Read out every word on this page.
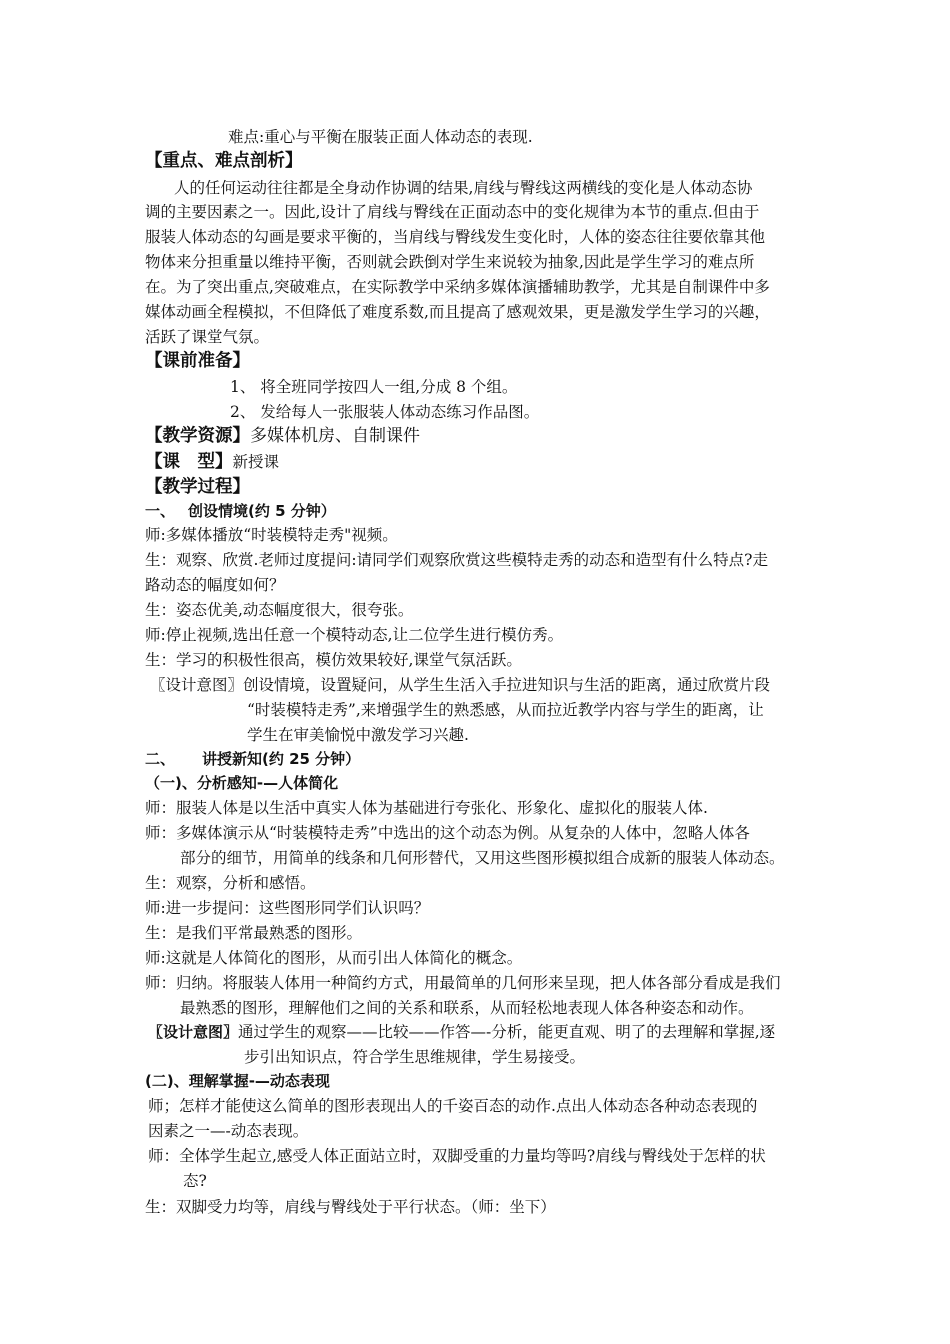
难点:重心与平衡在服装正面人体动态的表现.
【重点、难点剖析】
人的任何运动往往都是全身动作协调的结果,肩线与臀线这两横线的变化是人体动态协
调的主要因素之一。因此,设计了肩线与臀线在正面动态中的变化规律为本节的重点.但由于
服装人体动态的勾画是要求平衡的，当肩线与臀线发生变化时，人体的姿态往往要依靠其他
物体来分担重量以维持平衡，否则就会跌倒对学生来说较为抽象,因此是学生学习的难点所
在。为了突出重点,突破难点，在实际教学中采纳多媒体演播辅助教学，尤其是自制课件中多
媒体动画全程模拟，不但降低了难度系数,而且提高了感观效果，更是激发学生学习的兴趣，
活跃了课堂气氛。
【课前准备】
1、 将全班同学按四人一组,分成 8 个组。
2、 发给每人一张服装人体动态练习作品图。
【教学资源】多媒体机房、自制课件
【课　型】新授课
【教学过程】
一、 创设情境(约 5 分钟）
师:多媒体播放“时装模特走秀"视频。
生：观察、欣赏.老师过度提问:请同学们观察欣赏这些模特走秀的动态和造型有什么特点?走
路动态的幅度如何？
生：姿态优美,动态幅度很大，很夸张。
师:停止视频,选出任意一个模特动态,让二位学生进行模仿秀。
生：学习的积极性很高，模仿效果较好,课堂气氛活跃。
〖设计意图〗创设情境，设置疑问，从学生生活入手拉进知识与生活的距离，通过欣赏片段
“时装模特走秀”,来增强学生的熟悉感，从而拉近教学内容与学生的距离，让
学生在审美愉悦中激发学习兴趣.
二、 讲授新知(约 25 分钟）
（一)、分析感知-—人体简化
师：服装人体是以生活中真实人体为基础进行夸张化、形象化、虚拟化的服装人体.
师：多媒体演示从“时装模特走秀”中选出的这个动态为例。从复杂的人体中，忽略人体各
部分的细节，用简单的线条和几何形替代，又用这些图形模拟组合成新的服装人体动态。
生：观察，分析和感悟。
师:进一步提问：这些图形同学们认识吗？
生：是我们平常最熟悉的图形。
师:这就是人体简化的图形，从而引出人体简化的概念。
师：归纳。将服装人体用一种简约方式，用最简单的几何形来呈现，把人体各部分看成是我们
最熟悉的图形，理解他们之间的关系和联系，从而轻松地表现人体各种姿态和动作。
〖设计意图〗通过学生的观察——比较——作答—-分析，能更直观、明了的去理解和掌握,逐
步引出知识点，符合学生思维规律，学生易接受。
(二)、理解掌握-—动态表现
师；怎样才能使这么简单的图形表现出人的千姿百态的动作.点出人体动态各种动态表现的
因素之一—-动态表现。
师：全体学生起立,感受人体正面站立时，双脚受重的力量均等吗?肩线与臀线处于怎样的状
态?
生：双脚受力均等，肩线与臀线处于平行状态。（师：坐下）
